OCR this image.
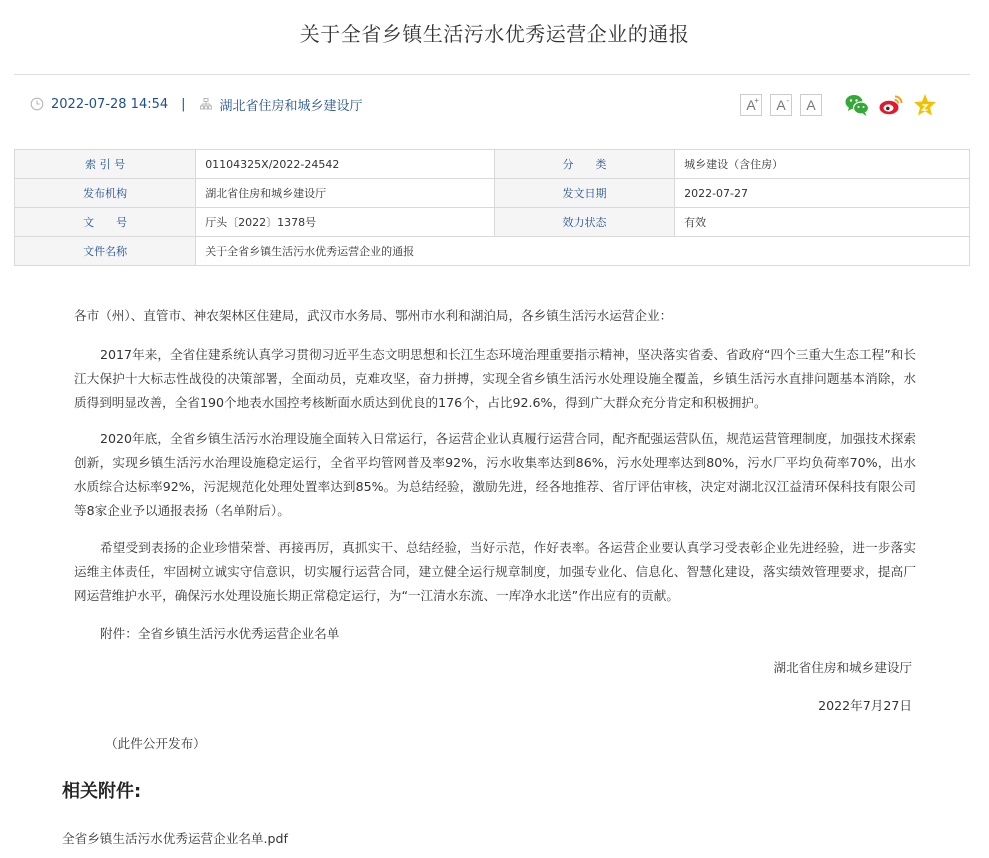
关于全省乡镇生活污水优秀运营企业的通报
2022-07-28 14:54 |	湖北省住房和城乡建设厅	A
+ A- A
索 引 号	01104325X/2022-24542	分　　类	城乡建设（含住房）
发布机构	湖北省住房和城乡建设厅	发文日期	2022-07-27
文　　号	厅头〔2022〕1378号	效力状态	有效
文件名称	关于全省乡镇生活污水优秀运营企业的通报		
各市（州）、直管市、神农架林区住建局，武汉市水务局、鄂州市水利和湖泊局，各乡镇生活污水运营企业：

2017年来，全省住建系统认真学习贯彻习近平生态文明思想和长江生态环境治理重要指示精神，坚决落实省委、省政府“四个三重大生态工程”和长江大保护十大标志性战役的决策部署，全面动员，克难攻坚，奋力拼搏，实现全省乡镇生活污水处理设施全覆盖，乡镇生活污水直排问题基本消除，水质得到明显改善，全省190个地表水国控考核断面水质达到优良的176个，占比92.6%，得到广大群众充分肯定和积极拥护。

2020年底，全省乡镇生活污水治理设施全面转入日常运行，各运营企业认真履行运营合同，配齐配强运营队伍，规范运营管理制度，加强技术探索创新，实现乡镇生活污水治理设施稳定运行，全省平均管网普及率92%，污水收集率达到86%，污水处理率达到80%，污水厂平均负荷率70%，出水水质综合达标率92%，污泥规范化处理处置率达到85%。为总结经验，激励先进，经各地推荐、省厅评估审核，决定对湖北汉江益清环保科技有限公司等8家企业予以通报表扬（名单附后）。

希望受到表扬的企业珍惜荣誉、再接再厉，真抓实干、总结经验，当好示范，作好表率。各运营企业要认真学习受表彰企业先进经验，进一步落实运维主体责任，牢固树立诚实守信意识，切实履行运营合同，建立健全运行规章制度，加强专业化、信息化、智慧化建设，落实绩效管理要求，提高厂网运营维护水平，确保污水处理设施长期正常稳定运行，为“一江清水东流、一库净水北送”作出应有的贡献。

附件：全省乡镇生活污水优秀运营企业名单
湖北省住房和城乡建设厅
2022年7月27日
（此件公开发布）
相关附件:
全省乡镇生活污水优秀运营企业名单.pdf
